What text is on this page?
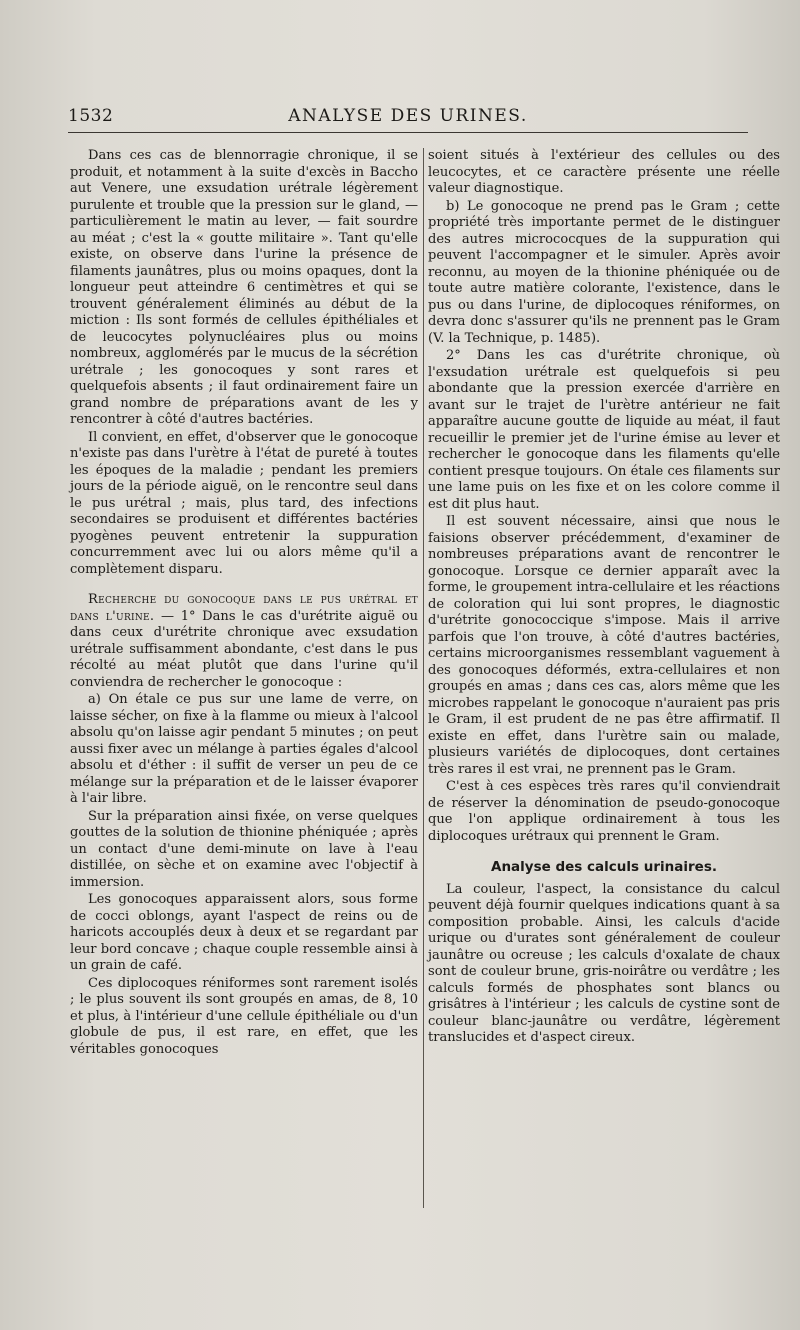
1532	ANALYSE DES URINES.

Dans ces cas de blennorragie chronique, il se produit, et notamment à la suite d'excès in Baccho aut Venere, une exsudation urétrale légèrement purulente et trouble que la pression sur le gland, — particulièrement le matin au lever, — fait sourdre au méat ; c'est la « goutte militaire ». Tant qu'elle existe, on observe dans l'urine la présence de filaments jaunâtres, plus ou moins opaques, dont la longueur peut atteindre 6 centimètres et qui se trouvent généralement éliminés au début de la miction : Ils sont formés de cellules épithéliales et de leucocytes polynucléaires plus ou moins nombreux, agglomérés par le mucus de la sécrétion urétrale ; les gonocoques y sont rares et quelquefois absents ; il faut ordinairement faire un grand nombre de préparations avant de les y rencontrer à côté d'autres bactéries.

Il convient, en effet, d'observer que le gonocoque n'existe pas dans l'urètre à l'état de pureté à toutes les époques de la maladie ; pendant les premiers jours de la période aiguë, on le rencontre seul dans le pus urétral ; mais, plus tard, des infections secondaires se produisent et différentes bactéries pyogènes peuvent entretenir la suppuration concurremment avec lui ou alors même qu'il a complètement disparu.

Recherche du gonocoque dans le pus urétral et dans l'urine. — 1° Dans le cas d'urétrite aiguë ou dans ceux d'urétrite chronique avec exsudation urétrale suffisamment abondante, c'est dans le pus récolté au méat plutôt que dans l'urine qu'il conviendra de rechercher le gonocoque :

a) On étale ce pus sur une lame de verre, on laisse sécher, on fixe à la flamme ou mieux à l'alcool absolu qu'on laisse agir pendant 5 minutes ; on peut aussi fixer avec un mélange à parties égales d'alcool absolu et d'éther : il suffit de verser un peu de ce mélange sur la préparation et de le laisser évaporer à l'air libre.

Sur la préparation ainsi fixée, on verse quelques gouttes de la solution de thionine phéniquée ; après un contact d'une demi-minute on lave à l'eau distillée, on sèche et on examine avec l'objectif à immersion.

Les gonocoques apparaissent alors, sous forme de cocci oblongs, ayant l'aspect de reins ou de haricots accouplés deux à deux et se regardant par leur bord concave ; chaque couple ressemble ainsi à un grain de café.

Ces diplocoques réniformes sont rarement isolés ; le plus souvent ils sont groupés en amas, de 8, 10 et plus, à l'intérieur d'une cellule épithéliale ou d'un globule de pus, il est rare, en effet, que les véritables gonocoques

soient situés à l'extérieur des cellules ou des leucocytes, et ce caractère présente une réelle valeur diagnostique.

b) Le gonocoque ne prend pas le Gram ; cette propriété très importante permet de le distinguer des autres micrococques de la suppuration qui peuvent l'accompagner et le simuler. Après avoir reconnu, au moyen de la thionine phéniquée ou de toute autre matière colorante, l'existence, dans le pus ou dans l'urine, de diplocoques réniformes, on devra donc s'assurer qu'ils ne prennent pas le Gram (V. la Technique, p. 1485).

2° Dans les cas d'urétrite chronique, où l'exsudation urétrale est quelquefois si peu abondante que la pression exercée d'arrière en avant sur le trajet de l'urètre antérieur ne fait apparaître aucune goutte de liquide au méat, il faut recueillir le premier jet de l'urine émise au lever et rechercher le gonocoque dans les filaments qu'elle contient presque toujours. On étale ces filaments sur une lame puis on les fixe et on les colore comme il est dit plus haut.

Il est souvent nécessaire, ainsi que nous le faisions observer précédemment, d'examiner de nombreuses préparations avant de rencontrer le gonocoque. Lorsque ce dernier apparaît avec la forme, le groupement intra-cellulaire et les réactions de coloration qui lui sont propres, le diagnostic d'urétrite gonococcique s'impose. Mais il arrive parfois que l'on trouve, à côté d'autres bactéries, certains microorganismes ressemblant vaguement à des gonocoques déformés, extra-cellulaires et non groupés en amas ; dans ces cas, alors même que les microbes rappelant le gonocoque n'auraient pas pris le Gram, il est prudent de ne pas être affirmatif. Il existe en effet, dans l'urètre sain ou malade, plusieurs variétés de diplocoques, dont certaines très rares il est vrai, ne prennent pas le Gram.

C'est à ces espèces très rares qu'il conviendrait de réserver la dénomination de pseudo-gonocoque que l'on applique ordinairement à tous les diplocoques urétraux qui prennent le Gram.

Analyse des calculs urinaires.

La couleur, l'aspect, la consistance du calcul peuvent déjà fournir quelques indications quant à sa composition probable. Ainsi, les calculs d'acide urique ou d'urates sont généralement de couleur jaunâtre ou ocreuse ; les calculs d'oxalate de chaux sont de couleur brune, gris-noirâtre ou verdâtre ; les calculs formés de phosphates sont blancs ou grisâtres à l'intérieur ; les calculs de cystine sont de couleur blanc-jaunâtre ou verdâtre, légèrement translucides et d'aspect cireux.
